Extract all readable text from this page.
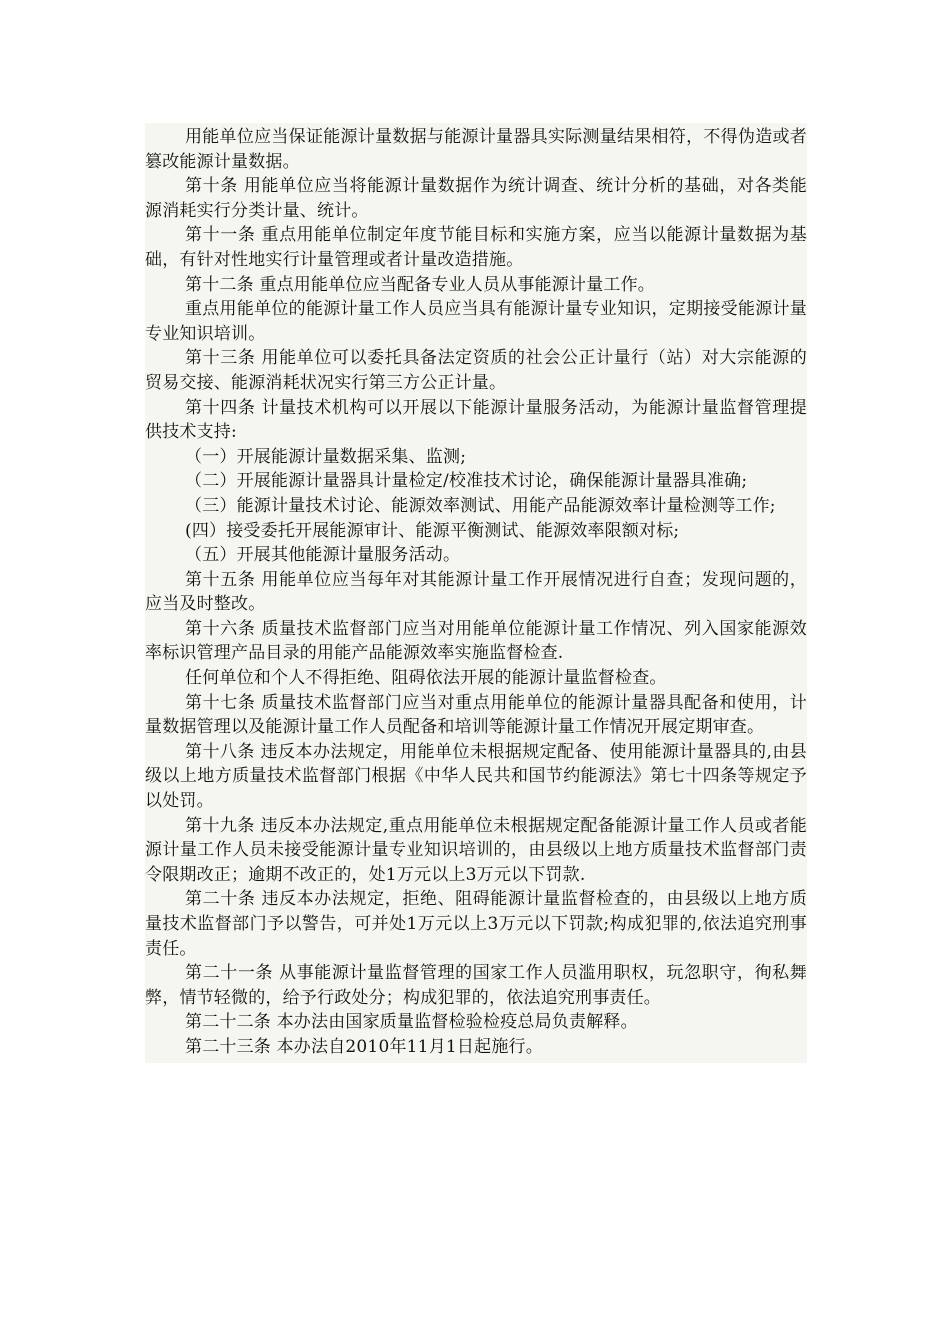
用能单位应当保证能源计量数据与能源计量器具实际测量结果相符，不得伪造或者篡改能源计量数据。

第十条 用能单位应当将能源计量数据作为统计调查、统计分析的基础，对各类能源消耗实行分类计量、统计。

第十一条 重点用能单位制定年度节能目标和实施方案，应当以能源计量数据为基础，有针对性地实行计量管理或者计量改造措施。

第十二条 重点用能单位应当配备专业人员从事能源计量工作。

重点用能单位的能源计量工作人员应当具有能源计量专业知识，定期接受能源计量专业知识培训。

第十三条 用能单位可以委托具备法定资质的社会公正计量行（站）对大宗能源的贸易交接、能源消耗状况实行第三方公正计量。

第十四条 计量技术机构可以开展以下能源计量服务活动，为能源计量监督管理提供技术支持:

（一）开展能源计量数据采集、监测;

（二）开展能源计量器具计量检定/校准技术讨论，确保能源计量器具准确;

（三）能源计量技术讨论、能源效率测试、用能产品能源效率计量检测等工作;

(四）接受委托开展能源审计、能源平衡测试、能源效率限额对标;

（五）开展其他能源计量服务活动。

第十五条 用能单位应当每年对其能源计量工作开展情况进行自查；发现问题的，应当及时整改。

第十六条 质量技术监督部门应当对用能单位能源计量工作情况、列入国家能源效率标识管理产品目录的用能产品能源效率实施监督检查.

任何单位和个人不得拒绝、阻碍依法开展的能源计量监督检查。

第十七条 质量技术监督部门应当对重点用能单位的能源计量器具配备和使用，计量数据管理以及能源计量工作人员配备和培训等能源计量工作情况开展定期审查。

第十八条 违反本办法规定，用能单位未根据规定配备、使用能源计量器具的,由县级以上地方质量技术监督部门根据《中华人民共和国节约能源法》第七十四条等规定予以处罚。

第十九条 违反本办法规定,重点用能单位未根据规定配备能源计量工作人员或者能源计量工作人员未接受能源计量专业知识培训的，由县级以上地方质量技术监督部门责令限期改正；逾期不改正的，处1万元以上3万元以下罚款.

第二十条 违反本办法规定，拒绝、阻碍能源计量监督检查的，由县级以上地方质量技术监督部门予以警告，可并处1万元以上3万元以下罚款;构成犯罪的,依法追究刑事责任。

第二十一条 从事能源计量监督管理的国家工作人员滥用职权，玩忽职守，徇私舞弊，情节轻微的，给予行政处分；构成犯罪的，依法追究刑事责任。

第二十二条 本办法由国家质量监督检验检疫总局负责解释。

第二十三条 本办法自2010年11月1日起施行。
